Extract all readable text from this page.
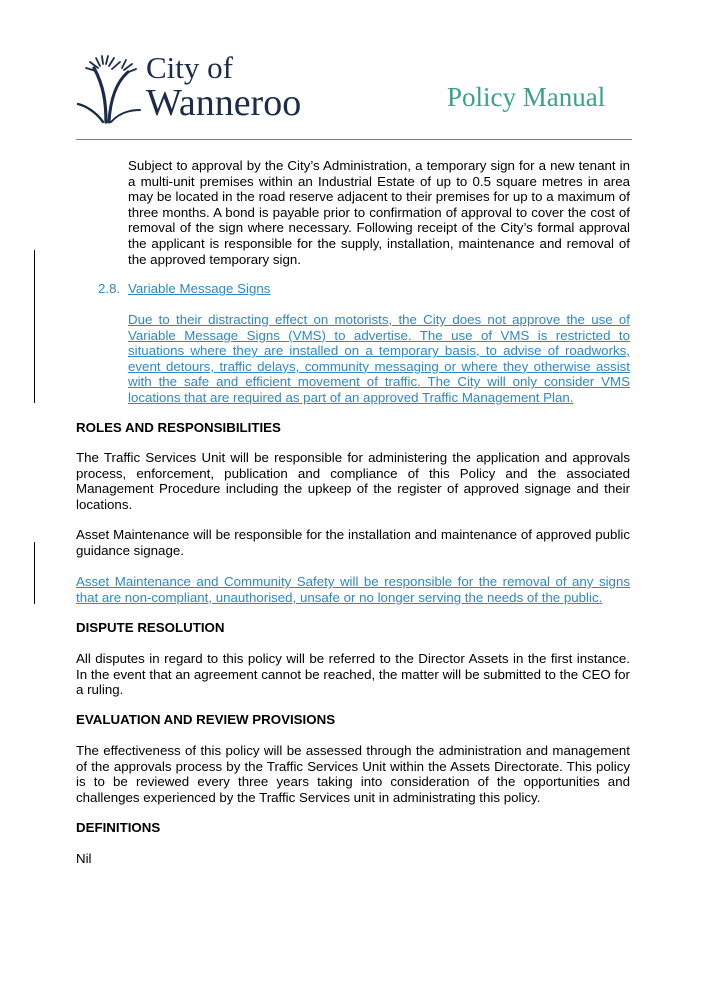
City of
Wanneroo	Policy Manual

Subject to approval by the City’s Administration, a temporary sign for a new tenant in a multi-unit premises within an Industrial Estate of up to 0.5 square metres in area may be located in the road reserve adjacent to their premises for up to a maximum of three months. A bond is payable prior to confirmation of approval to cover the cost of removal of the sign where necessary. Following receipt of the City’s formal approval the applicant is responsible for the supply, installation, maintenance and removal of the approved temporary sign.

2.8. Variable Message Signs

Due to their distracting effect on motorists, the City does not approve the use of Variable Message Signs (VMS) to advertise. The use of VMS is restricted to situations where they are installed on a temporary basis, to advise of roadworks, event detours, traffic delays, community messaging or where they otherwise assist with the safe and efficient movement of traffic. The City will only consider VMS locations that are required as part of an approved Traffic Management Plan.

ROLES AND RESPONSIBILITIES

The Traffic Services Unit will be responsible for administering the application and approvals process, enforcement, publication and compliance of this Policy and the associated Management Procedure including the upkeep of the register of approved signage and their locations.

Asset Maintenance will be responsible for the installation and maintenance of approved public guidance signage.

Asset Maintenance and Community Safety will be responsible for the removal of any signs that are non-compliant, unauthorised, unsafe or no longer serving the needs of the public.

DISPUTE RESOLUTION

All disputes in regard to this policy will be referred to the Director Assets in the first instance. In the event that an agreement cannot be reached, the matter will be submitted to the CEO for a ruling.

EVALUATION AND REVIEW PROVISIONS

The effectiveness of this policy will be assessed through the administration and management of the approvals process by the Traffic Services Unit within the Assets Directorate. This policy is to be reviewed every three years taking into consideration of the opportunities and challenges experienced by the Traffic Services unit in administrating this policy.

DEFINITIONS

Nil
